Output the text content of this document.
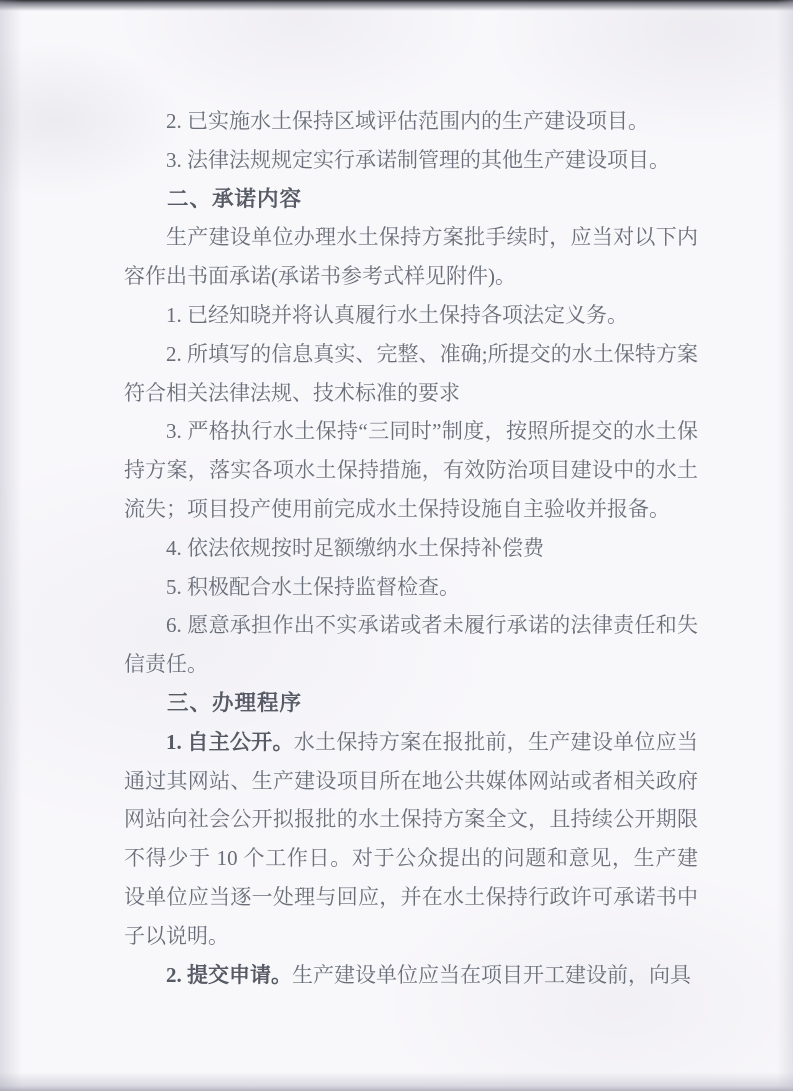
2. 已实施水土保持区域评估范围内的生产建设项目。

3. 法律法规规定实行承诺制管理的其他生产建设项目。

二、承诺内容

生产建设单位办理水土保持方案批手续时，应当对以下内容作出书面承诺(承诺书参考式样见附件)。

1. 已经知晓并将认真履行水土保持各项法定义务。

2. 所填写的信息真实、完整、准确;所提交的水土保特方案符合相关法律法规、技术标准的要求

3. 严格执行水土保持“三同时”制度，按照所提交的水土保持方案，落实各项水土保持措施，有效防治项目建设中的水土流失；项目投产使用前完成水土保持设施自主验收并报备。

4. 依法依规按时足额缴纳水土保持补偿费

5. 积极配合水土保持监督检查。

6. 愿意承担作出不实承诺或者未履行承诺的法律责任和失信责任。

三、办理程序

1. 自主公开。水土保持方案在报批前，生产建设单位应当通过其网站、生产建设项目所在地公共媒体网站或者相关政府网站向社会公开拟报批的水土保持方案全文，且持续公开期限不得少于 10 个工作日。对于公众提出的问题和意见，生产建设单位应当逐一处理与回应，并在水土保持行政许可承诺书中子以说明。

2. 提交申请。生产建设单位应当在项目开工建设前，向具
